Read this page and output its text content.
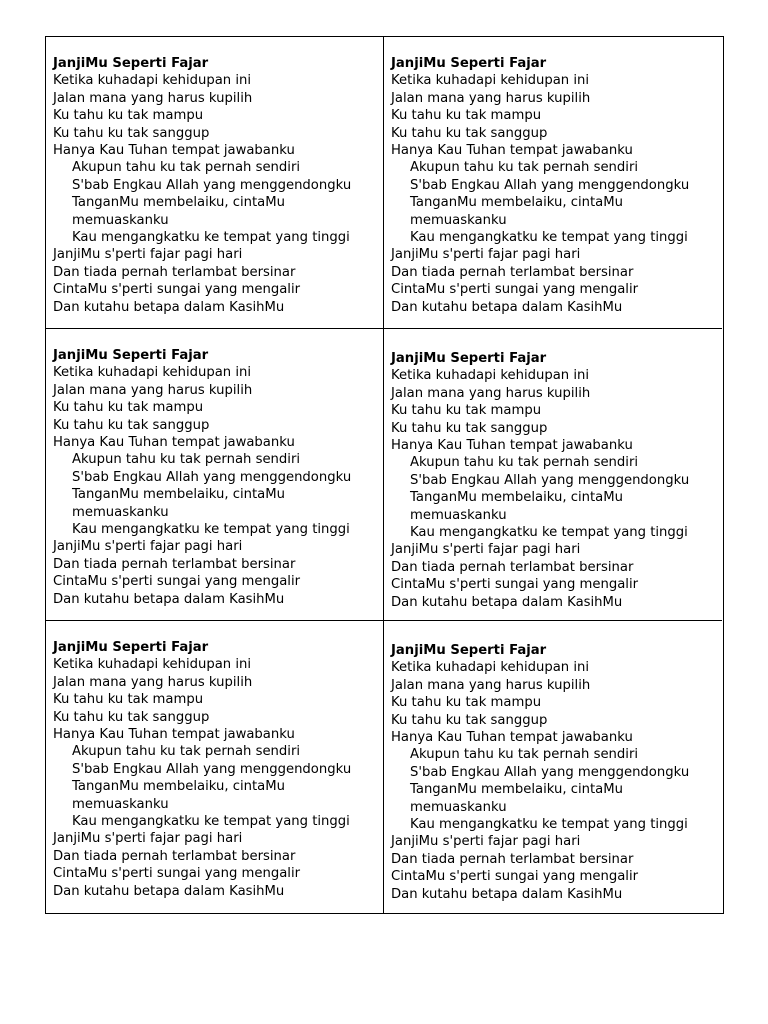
JanjiMu Seperti Fajar
Ketika kuhadapi kehidupan ini
Jalan mana yang harus kupilih
Ku tahu ku tak mampu
Ku tahu ku tak sanggup
Hanya Kau Tuhan tempat jawabanku
Akupun tahu ku tak pernah sendiri
S'bab Engkau Allah yang menggendongku
TanganMu membelaiku, cintaMu
memuaskanku
Kau mengangkatku ke tempat yang tinggi
JanjiMu s'perti fajar pagi hari
Dan tiada pernah terlambat bersinar
CintaMu s'perti sungai yang mengalir
Dan kutahu betapa dalam KasihMu
JanjiMu Seperti Fajar
Ketika kuhadapi kehidupan ini
Jalan mana yang harus kupilih
Ku tahu ku tak mampu
Ku tahu ku tak sanggup
Hanya Kau Tuhan tempat jawabanku
Akupun tahu ku tak pernah sendiri
S'bab Engkau Allah yang menggendongku
TanganMu membelaiku, cintaMu
memuaskanku
Kau mengangkatku ke tempat yang tinggi
JanjiMu s'perti fajar pagi hari
Dan tiada pernah terlambat bersinar
CintaMu s'perti sungai yang mengalir
Dan kutahu betapa dalam KasihMu
JanjiMu Seperti Fajar
Ketika kuhadapi kehidupan ini
Jalan mana yang harus kupilih
Ku tahu ku tak mampu
Ku tahu ku tak sanggup
Hanya Kau Tuhan tempat jawabanku
Akupun tahu ku tak pernah sendiri
S'bab Engkau Allah yang menggendongku
TanganMu membelaiku, cintaMu
memuaskanku
Kau mengangkatku ke tempat yang tinggi
JanjiMu s'perti fajar pagi hari
Dan tiada pernah terlambat bersinar
CintaMu s'perti sungai yang mengalir
Dan kutahu betapa dalam KasihMu
JanjiMu Seperti Fajar
Ketika kuhadapi kehidupan ini
Jalan mana yang harus kupilih
Ku tahu ku tak mampu
Ku tahu ku tak sanggup
Hanya Kau Tuhan tempat jawabanku
Akupun tahu ku tak pernah sendiri
S'bab Engkau Allah yang menggendongku
TanganMu membelaiku, cintaMu
memuaskanku
Kau mengangkatku ke tempat yang tinggi
JanjiMu s'perti fajar pagi hari
Dan tiada pernah terlambat bersinar
CintaMu s'perti sungai yang mengalir
Dan kutahu betapa dalam KasihMu
JanjiMu Seperti Fajar
Ketika kuhadapi kehidupan ini
Jalan mana yang harus kupilih
Ku tahu ku tak mampu
Ku tahu ku tak sanggup
Hanya Kau Tuhan tempat jawabanku
Akupun tahu ku tak pernah sendiri
S'bab Engkau Allah yang menggendongku
TanganMu membelaiku, cintaMu
memuaskanku
Kau mengangkatku ke tempat yang tinggi
JanjiMu s'perti fajar pagi hari
Dan tiada pernah terlambat bersinar
CintaMu s'perti sungai yang mengalir
Dan kutahu betapa dalam KasihMu
JanjiMu Seperti Fajar
Ketika kuhadapi kehidupan ini
Jalan mana yang harus kupilih
Ku tahu ku tak mampu
Ku tahu ku tak sanggup
Hanya Kau Tuhan tempat jawabanku
Akupun tahu ku tak pernah sendiri
S'bab Engkau Allah yang menggendongku
TanganMu membelaiku, cintaMu
memuaskanku
Kau mengangkatku ke tempat yang tinggi
JanjiMu s'perti fajar pagi hari
Dan tiada pernah terlambat bersinar
CintaMu s'perti sungai yang mengalir
Dan kutahu betapa dalam KasihMu
